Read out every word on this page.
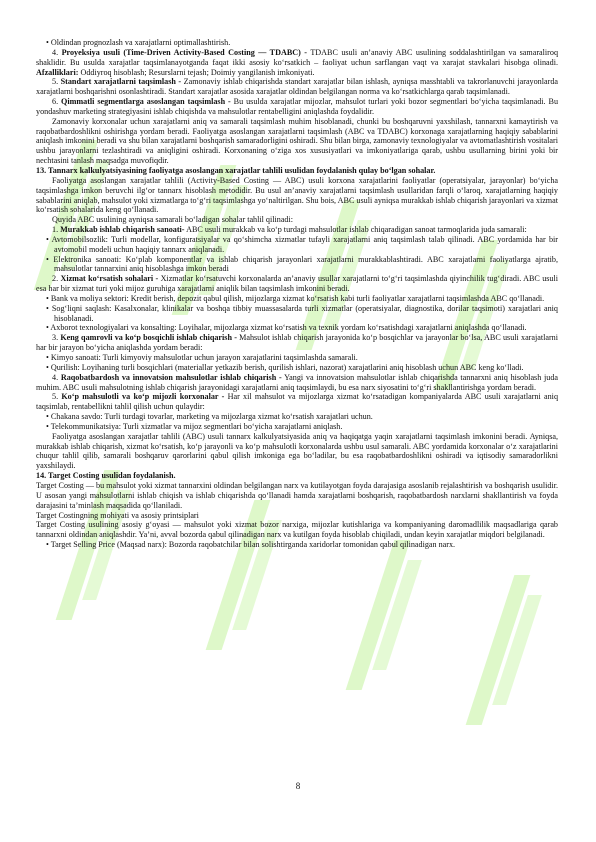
• Oldindan prognozlash va xarajatlarni optimallashtirish.

4. Proyeksiya usuli (Time-Driven Activity-Based Costing — TDABC) - TDABC usuli an’anaviy ABC usulining soddalashtirilgan va samaraliroq shaklidir. Bu usulda xarajatlar taqsimlanayotganda faqat ikki asosiy ko‘rsatkich – faoliyat uchun sarflangan vaqt va xarajat stavkalari hisobga olinadi. Afzalliklari: Oddiyroq hisoblash; Resurslarni tejash; Doimiy yangilanish imkoniyati.

5. Standart xarajatlarni taqsimlash - Zamonaviy ishlab chiqarishda standart xarajatlar bilan ishlash, ayniqsa masshtabli va takrorlanuvchi jarayonlarda xarajatlarni boshqarishni osonlashtiradi. Standart xarajatlar asosida xarajatlar oldindan belgilangan norma va ko‘rsatkichlarga qarab taqsimlanadi.

6. Qimmatli segmentlarga asoslangan taqsimlash - Bu usulda xarajatlar mijozlar, mahsulot turlari yoki bozor segmentlari bo‘yicha taqsimlanadi. Bu yondashuv marketing strategiyasini ishlab chiqishda va mahsulotlar rentabelligini aniqlashda foydalidir.

Zamonaviy korxonalar uchun xarajatlarni aniq va samarali taqsimlash muhim hisoblanadi, chunki bu boshqaruvni yaxshilash, tannarxni kamaytirish va raqobatbardoshlikni oshirishga yordam beradi. Faoliyatga asoslangan xarajatlarni taqsimlash (ABC va TDABC) korxonaga xarajatlarning haqiqiy sabablarini aniqlash imkonini beradi va shu bilan xarajatlarni boshqarish samaradorligini oshiradi. Shu bilan birga, zamonaviy texnologiyalar va avtomatlashtirish vositalari ushbu jarayonlarni tezlashtiradi va aniqligini oshiradi. Korxonaning o‘ziga xos xususiyatlari va imkoniyatlariga qarab, ushbu usullarning birini yoki bir nechtasini tanlash maqsadga muvofiqdir.

13. Tannarx kalkulyatsiyasining faoliyatga asoslangan xarajatlar tahlili usulidan foydalanish qulay bo‘lgan sohalar.

Faoliyatga asoslangan xarajatlar tahlili (Activity-Based Costing — ABC) usuli korxona xarajatlarini faoliyatlar (operatsiyalar, jarayonlar) bo‘yicha taqsimlashga imkon beruvchi ilg‘or tannarx hisoblash metodidir. Bu usul an’anaviy xarajatlarni taqsimlash usullaridan farqli o‘laroq, xarajatlarning haqiqiy sabablarini aniqlab, mahsulot yoki xizmatlarga to‘g‘ri taqsimlashga yo‘naltirilgan. Shu bois, ABC usuli ayniqsa murakkab ishlab chiqarish jarayonlari va xizmat ko‘rsatish sohalarida keng qo‘llanadi.

Quyida ABC usulining ayniqsa samarali bo‘ladigan sohalar tahlil qilinadi:

1. Murakkab ishlab chiqarish sanoati- ABC usuli murakkab va ko‘p turdagi mahsulotlar ishlab chiqaradigan sanoat tarmoqlarida juda samarali:

• Avtomobilsozlik: Turli modellar, konfiguratsiyalar va qo‘shimcha xizmatlar tufayli xarajatlarni aniq taqsimlash talab qilinadi. ABC yordamida har bir avtomobil modeli uchun haqiqiy tannarx aniqlanadi.

• Elektronika sanoati: Ko‘plab komponentlar va ishlab chiqarish jarayonlari xarajatlarni murakkablashtiradi. ABC xarajatlarni faoliyatlarga ajratib, mahsulotlar tannarxini aniq hisoblashga imkon beradi

2. Xizmat ko‘rsatish sohalari - Xizmatlar ko‘rsatuvchi korxonalarda an’anaviy usullar xarajatlarni to‘g‘ri taqsimlashda qiyinchilik tug‘diradi. ABC usuli esa har bir xizmat turi yoki mijoz guruhiga xarajatlarni aniqlik bilan taqsimlash imkonini beradi.

• Bank va moliya sektori: Kredit berish, depozit qabul qilish, mijozlarga xizmat ko‘rsatish kabi turli faoliyatlar xarajatlarni taqsimlashda ABC qo‘llanadi.

• Sog‘liqni saqlash: Kasalxonalar, klinikalar va boshqa tibbiy muassasalarda turli xizmatlar (operatsiyalar, diagnostika, dorilar taqsimoti) xarajatlari aniq hisoblanadi.

• Axborot texnologiyalari va konsalting: Loyihalar, mijozlarga xizmat ko‘rsatish va texnik yordam ko‘rsatishdagi xarajatlarni aniqlashda qo‘llanadi.

3. Keng qamrovli va ko‘p bosqichli ishlab chiqarish - Mahsulot ishlab chiqarish jarayonida ko‘p bosqichlar va jarayonlar bo‘lsa, ABC usuli xarajatlarni har bir jarayon bo‘yicha aniqlashda yordam beradi:

• Kimyo sanoati: Turli kimyoviy mahsulotlar uchun jarayon xarajatlarini taqsimlashda samarali.

• Qurilish: Loyihaning turli bosqichlari (materiallar yetkazib berish, qurilish ishlari, nazorat) xarajatlarini aniq hisoblash uchun ABC keng ko‘lladi.

4. Raqobatbardosh va innovatsion mahsulotlar ishlab chiqarish - Yangi va innovatsion mahsulotlar ishlab chiqarishda tannarxni aniq hisoblash juda muhim. ABC usuli mahsulotning ishlab chiqarish jarayonidagi xarajatlarni aniq taqsimlaydi, bu esa narx siyosatini to‘g‘ri shakllantirishga yordam beradi.

5. Ko‘p mahsulotli va ko‘p mijozli korxonalar - Har xil mahsulot va mijozlarga xizmat ko‘rsatadigan kompaniyalarda ABC usuli xarajatlarni aniq taqsimlab, rentabellikni tahlil qilish uchun qulaydir:

• Chakana savdo: Turli turdagi tovarlar, marketing va mijozlarga xizmat ko‘rsatish xarajatlari uchun.

• Telekommunikatsiya: Turli xizmatlar va mijoz segmentlari bo‘yicha xarajatlarni aniqlash.

Faoliyatga asoslangan xarajatlar tahlili (ABC) usuli tannarx kalkulyatsiyasida aniq va haqiqatga yaqin xarajatlarni taqsimlash imkonini beradi. Ayniqsa, murakkab ishlab chiqarish, xizmat ko‘rsatish, ko‘p jarayonli va ko‘p mahsulotli korxonalarda ushbu usul samarali. ABC yordamida korxonalar o‘z xarajatlarini chuqur tahlil qilib, samarali boshqaruv qarorlarini qabul qilish imkoniga ega bo‘ladilar, bu esa raqobatbardoshlikni oshiradi va iqtisodiy samaradorlikni yaxshilaydi.

14. Target Costing usulidan foydalanish.

Target Costing — bu mahsulot yoki xizmat tannarxini oldindan belgilangan narx va kutilayotgan foyda darajasiga asoslanib rejalashtirish va boshqarish usulidir. U asosan yangi mahsulotlarni ishlab chiqish va ishlab chiqarishda qo‘llanadi hamda xarajatlarni boshqarish, raqobatbardosh narxlarni shakllantirish va foyda darajasini ta’minlash maqsadida qo‘llaniladi.

Target Costingning mohiyati va asosiy printsiplari

Target Costing usulining asosiy g‘oyasi — mahsulot yoki xizmat bozor narxiga, mijozlar kutishlariga va kompaniyaning daromadlilik maqsadlariga qarab tannarxni oldindan aniqlashdir. Ya’ni, avval bozorda qabul qilinadigan narx va kutilgan foyda hisoblab chiqiladi, undan keyin xarajatlar miqdori belgilanadi.

• Target Selling Price (Maqsad narx): Bozorda raqobatchilar bilan solishtirganda xaridorlar tomonidan qabul qilinadigan narx.

8
